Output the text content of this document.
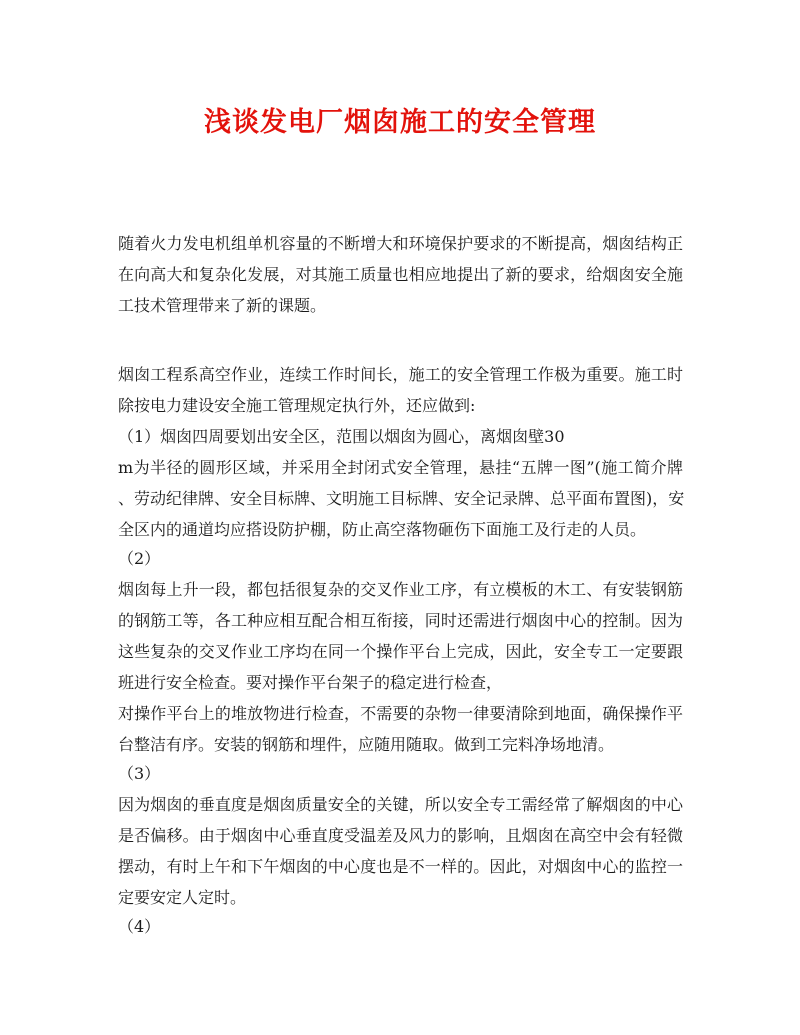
浅谈发电厂烟囱施工的安全管理
随着火力发电机组单机容量的不断增大和环境保护要求的不断提高，烟囱结构正
在向高大和复杂化发展，对其施工质量也相应地提出了新的要求，给烟囱安全施
工技术管理带来了新的课题。
烟囱工程系高空作业，连续工作时间长，施工的安全管理工作极为重要。施工时
除按电力建设安全施工管理规定执行外，还应做到:
（1）烟囱四周要划出安全区，范围以烟囱为圆心，离烟囱壁30
m为半径的圆形区域，并采用全封闭式安全管理，悬挂“五牌一图”(施工简介牌
、劳动纪律牌、安全目标牌、文明施工目标牌、安全记录牌、总平面布置图)，安
全区内的通道均应搭设防护棚，防止高空落物砸伤下面施工及行走的人员。
（2）
烟囱每上升一段，都包括很复杂的交叉作业工序，有立模板的木工、有安装钢筋
的钢筋工等，各工种应相互配合相互衔接，同时还需进行烟囱中心的控制。因为
这些复杂的交叉作业工序均在同一个操作平台上完成，因此，安全专工一定要跟
班进行安全检查。要对操作平台架子的稳定进行检查，
对操作平台上的堆放物进行检查，不需要的杂物一律要清除到地面，确保操作平
台整洁有序。安装的钢筋和埋件，应随用随取。做到工完料净场地清。
（3）
因为烟囱的垂直度是烟囱质量安全的关键，所以安全专工需经常了解烟囱的中心
是否偏移。由于烟囱中心垂直度受温差及风力的影响，且烟囱在高空中会有轻微
摆动，有时上午和下午烟囱的中心度也是不一样的。因此，对烟囱中心的监控一
定要安定人定时。
（4）
